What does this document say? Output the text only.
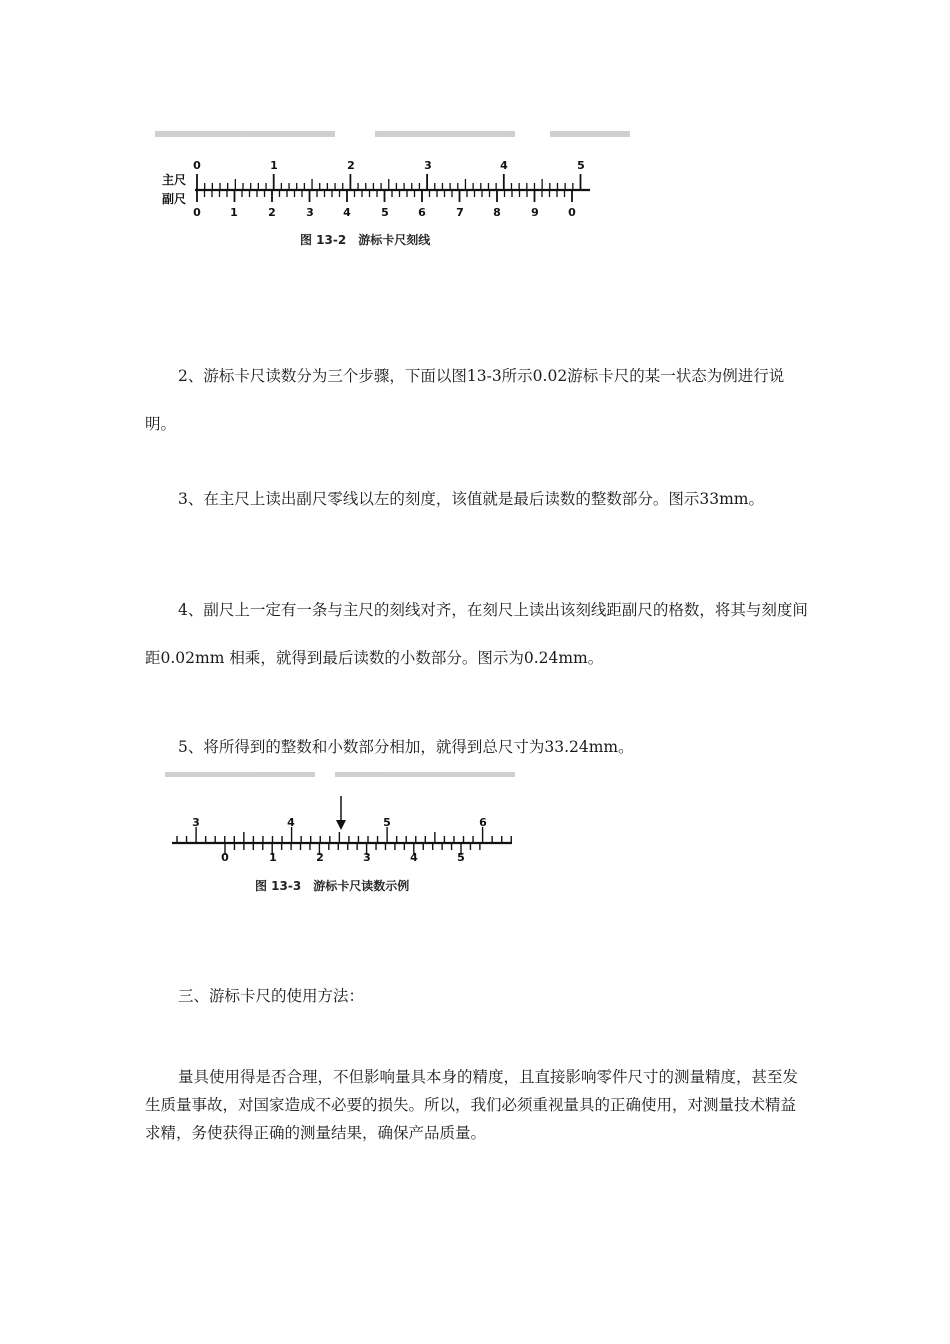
主尺
副尺
0	1	2	3	4	5
0	1	2	3	4	5	6	7	8	9	0
图 13-2　游标卡尺刻线

2、游标卡尺读数分为三个步骤，下面以图13-3所示0.02游标卡尺的某一状态为例进行说明。

3、在主尺上读出副尺零线以左的刻度，该值就是最后读数的整数部分。图示33mm。

4、副尺上一定有一条与主尺的刻线对齐，在刻尺上读出该刻线距副尺的格数，将其与刻度间距0.02mm 相乘，就得到最后读数的小数部分。图示为0.24mm。

5、将所得到的整数和小数部分相加，就得到总尺寸为33.24mm。

3	4	5	6
0	1	2	3	4	5
图 13-3　游标卡尺读数示例

三、游标卡尺的使用方法：

量具使用得是否合理，不但影响量具本身的精度，且直接影响零件尺寸的测量精度，甚至发生质量事故，对国家造成不必要的损失。所以，我们必须重视量具的正确使用，对测量技术精益求精，务使获得正确的测量结果，确保产品质量。
